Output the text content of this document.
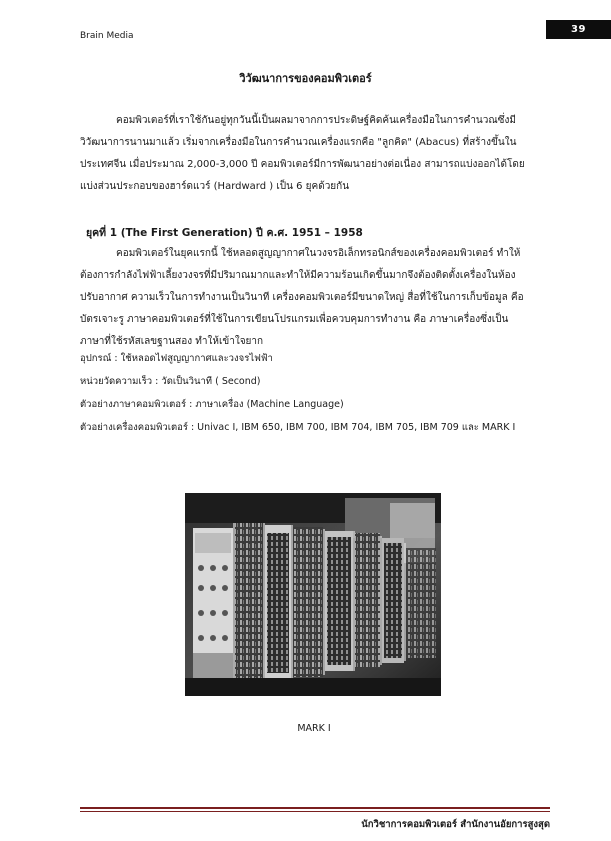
Brain Media
39
วิวัฒนาการของคอมพิวเตอร์
คอมพิวเตอร์ที่เราใช้กันอยู่ทุกวันนี้เป็นผลมาจากการประดิษฐ์คิดค้นเครื่องมือในการคำนวณซึ่งมี
วิวัฒนาการนานมาแล้ว เริ่มจากเครื่องมือในการคำนวณเครื่องแรกคือ "ลูกคิด" (Abacus) ที่สร้างขึ้นใน
ประเทศจีน เมื่อประมาณ 2,000-3,000 ปี คอมพิวเตอร์มีการพัฒนาอย่างต่อเนื่อง สามารถแบ่งออกได้โดย
แบ่งส่วนประกอบของฮาร์ดแวร์ (Hardward ) เป็น 6 ยุคด้วยกัน
ยุคที่ 1 (The First Generation) ปี ค.ศ. 1951 – 1958
คอมพิวเตอร์ในยุคแรกนี้ ใช้หลอดสูญญากาศในวงจรอิเล็กทรอนิกส์ของเครื่องคอมพิวเตอร์ ทำให้
ต้องการกำลังไฟฟ้าเลี้ยงวงจรที่มีปริมาณมากและทำให้มีความร้อนเกิดขึ้นมากจึงต้องติดตั้งเครื่องในห้อง
ปรับอากาศ ความเร็วในการทำงานเป็นวินาที เครื่องคอมพิวเตอร์มีขนาดใหญ่ สื่อที่ใช้ในการเก็บข้อมูล คือ
บัตรเจาะรู ภาษาคอมพิวเตอร์ที่ใช้ในการเขียนโปรแกรมเพื่อควบคุมการทำงาน คือ ภาษาเครื่องซึ่งเป็น
ภาษาที่ใช้รหัสเลขฐานสอง ทำให้เข้าใจยาก
อุปกรณ์ : ใช้หลอดไฟสูญญากาศและวงจรไฟฟ้า
หน่วยวัดความเร็ว : วัดเป็นวินาที ( Second)
ตัวอย่างภาษาคอมพิวเตอร์ : ภาษาเครื่อง (Machine Language)
ตัวอย่างเครื่องคอมพิวเตอร์ : Univac I, IBM 650, IBM 700, IBM 704, IBM 705, IBM 709 และ MARK I
MARK I
นักวิชาการคอมพิวเตอร์ สำนักงานอัยการสูงสุด
